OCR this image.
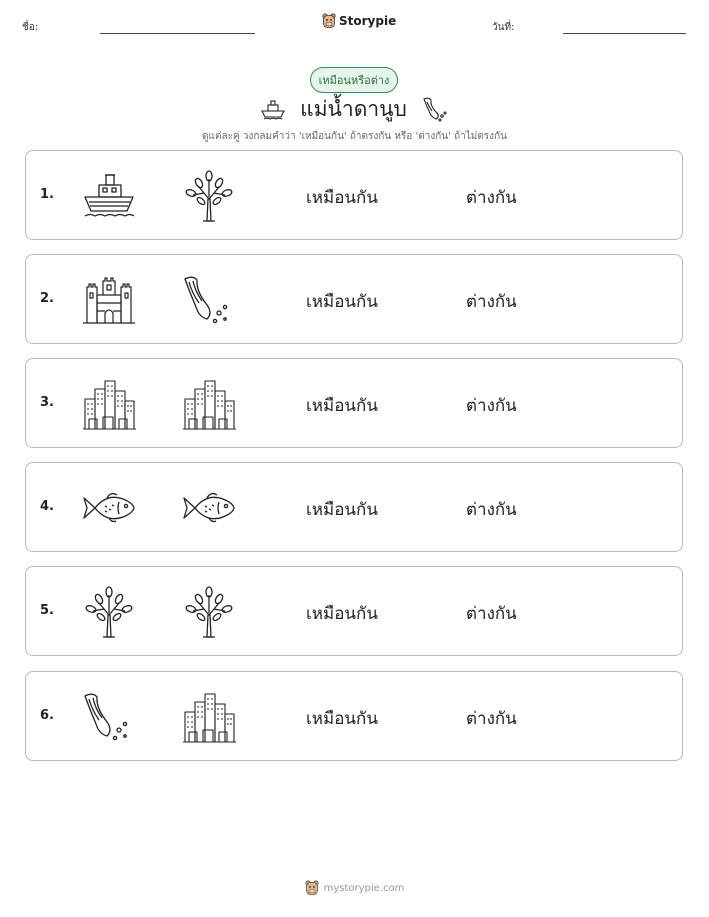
ชื่อ:	Storypie	วันที่:
เหมือนหรือต่าง
แม่น้ำดานูบ
ดูแต่ละคู่ วงกลมคำว่า 'เหมือนกัน' ถ้าตรงกัน หรือ 'ต่างกัน' ถ้าไม่ตรงกัน
1.	เหมือนกัน	ต่างกัน
2.	เหมือนกัน	ต่างกัน
3.	เหมือนกัน	ต่างกัน
4.	เหมือนกัน	ต่างกัน
5.	เหมือนกัน	ต่างกัน
6.	เหมือนกัน	ต่างกัน
mystorypie.com
